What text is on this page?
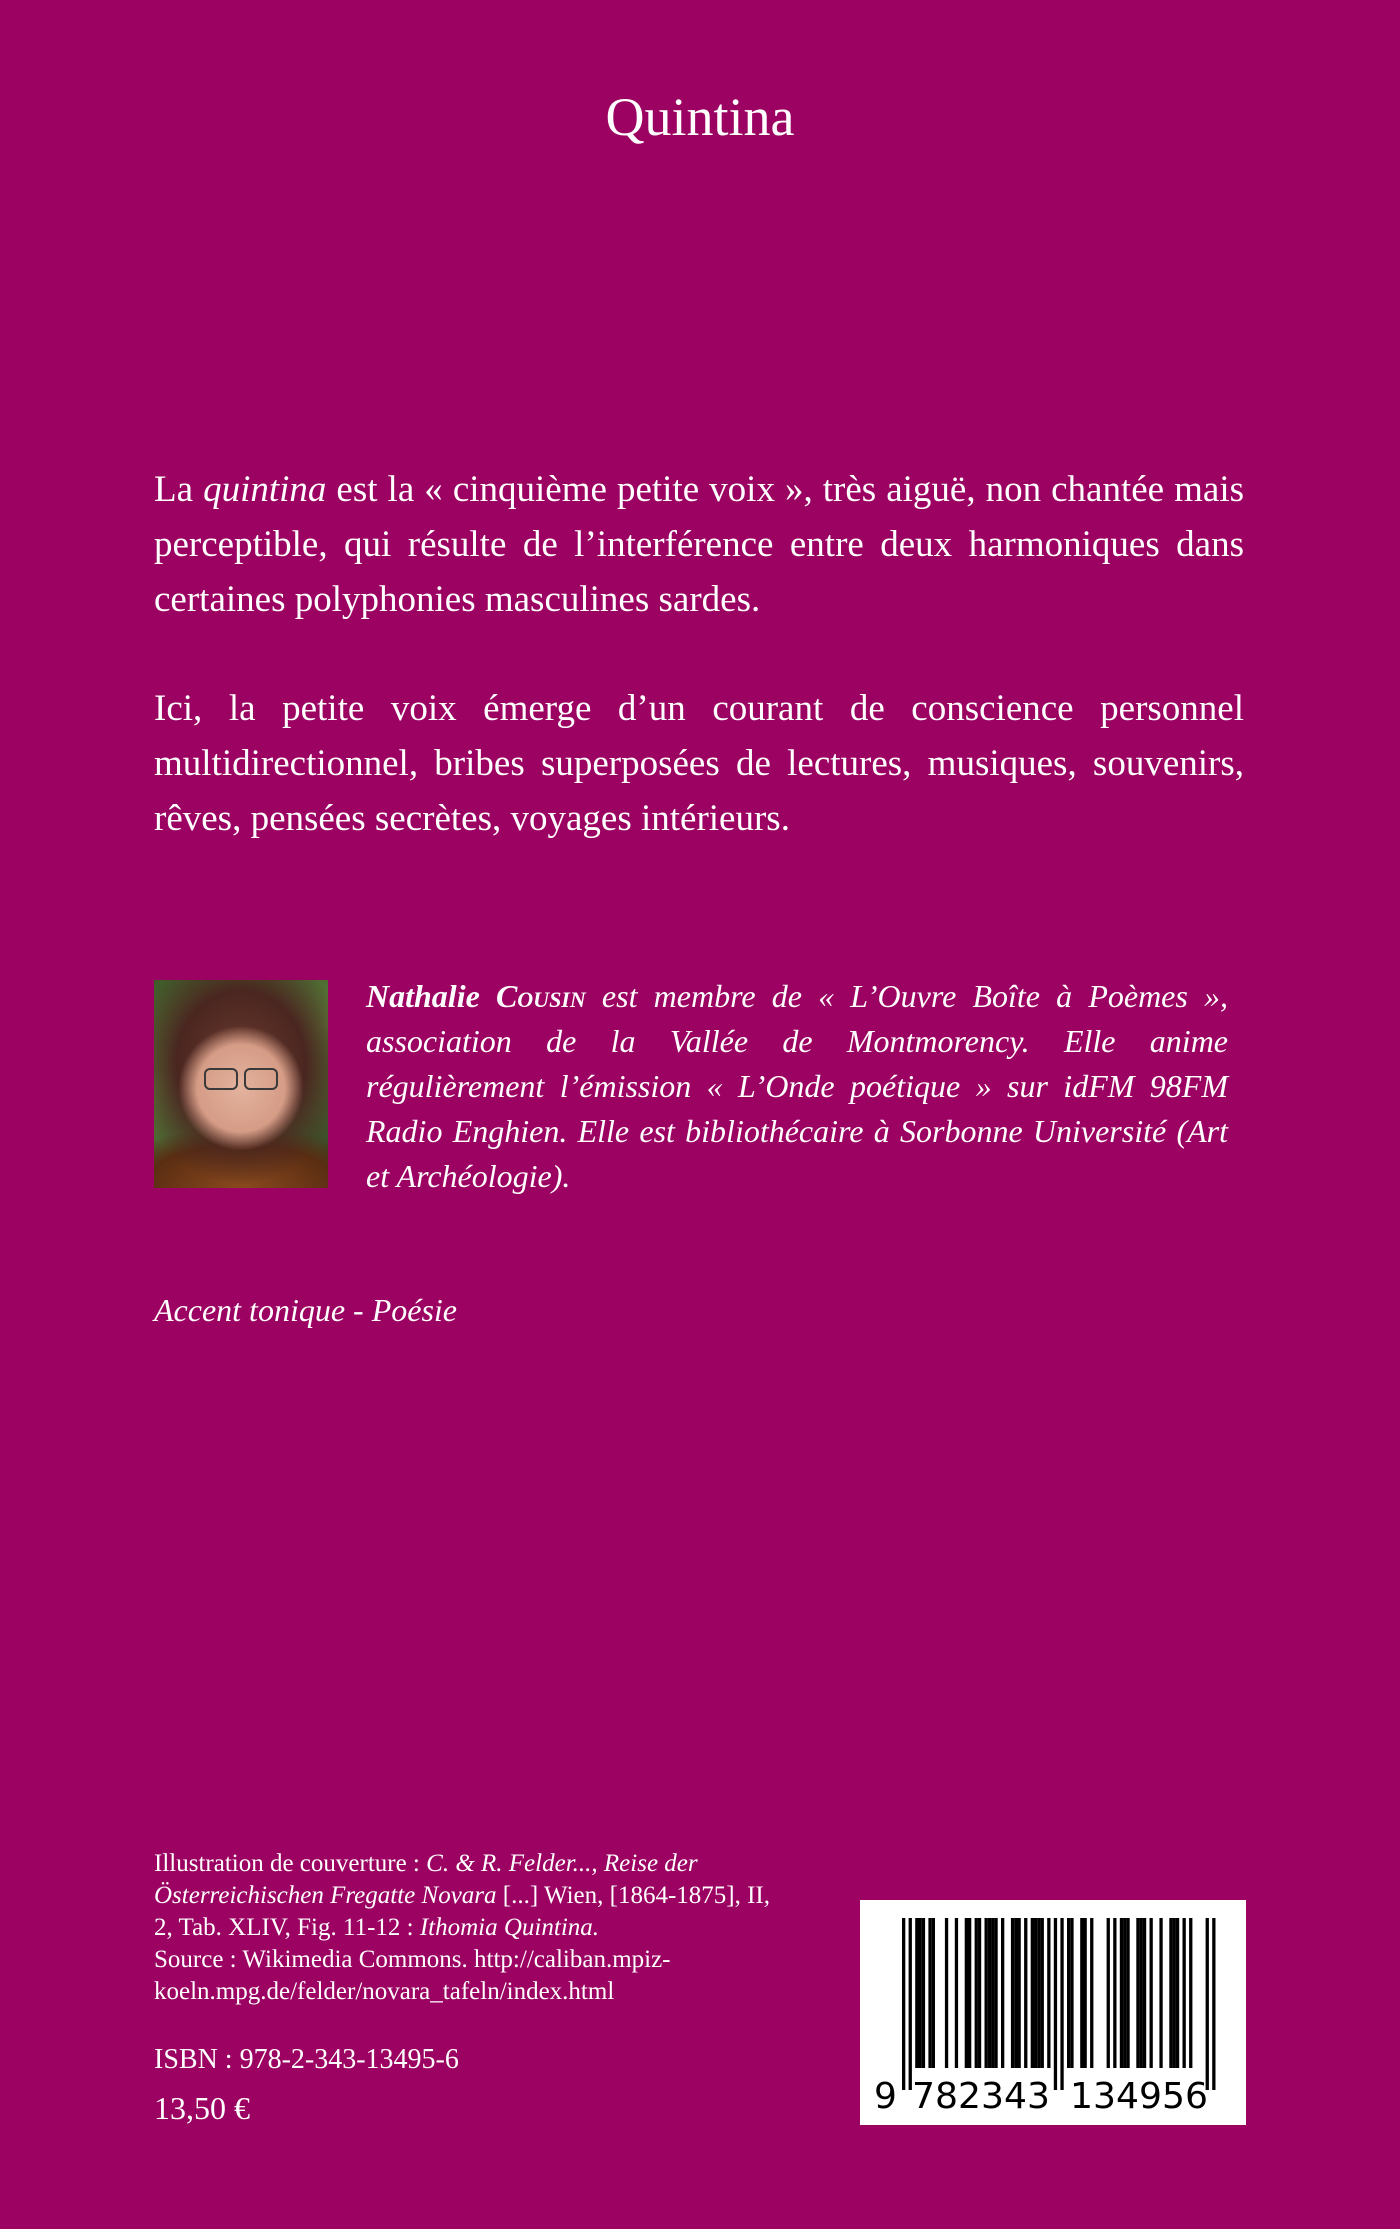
Quintina

La quintina est la « cinquième petite voix », très aiguë, non chantée mais perceptible, qui résulte de l’interférence entre deux harmoniques dans certaines polyphonies masculines sardes.

Ici, la petite voix émerge d’un courant de conscience personnel multidirectionnel, bribes superposées de lectures, musiques, souvenirs, rêves, pensées secrètes, voyages intérieurs.

Nathalie Cousin est membre de « L’Ouvre Boîte à Poèmes », association de la Vallée de Montmorency. Elle anime régulièrement l’émission « L’Onde poétique » sur idFM 98FM Radio Enghien. Elle est bibliothécaire à Sorbonne Université (Art et Archéologie).

Accent tonique - Poésie

Illustration de couverture : C. & R. Felder..., Reise der Österreichischen Fregatte Novara [...] Wien, [1864-1875], II, 2, Tab. XLIV, Fig. 11-12 : Ithomia Quintina.
Source : Wikimedia Commons. http://caliban.mpiz-koeln.mpg.de/felder/novara_tafeln/index.html

ISBN : 978-2-343-13495-6

13,50 €	9 782343 134956
